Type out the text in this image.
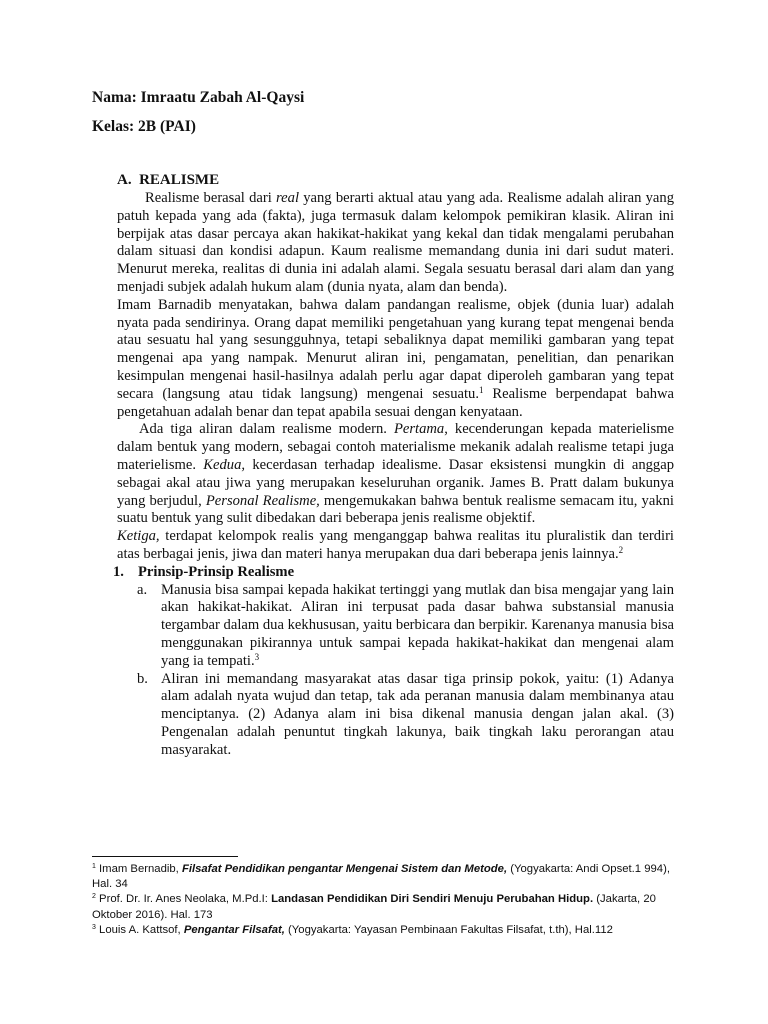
Nama: Imraatu Zabah Al-Qaysi
Kelas: 2B (PAI)
A.  REALISME

Realisme berasal dari real yang berarti aktual atau yang ada. Realisme adalah aliran yang patuh kepada yang ada (fakta), juga termasuk dalam kelompok pemikiran klasik. Aliran ini berpijak atas dasar percaya akan hakikat-hakikat yang kekal dan tidak mengalami perubahan dalam situasi dan kondisi adapun. Kaum realisme memandang dunia ini dari sudut materi. Menurut mereka, realitas di dunia ini adalah alami. Segala sesuatu berasal dari alam dan yang menjadi subjek adalah hukum alam (dunia nyata, alam dan benda).

Imam Barnadib menyatakan, bahwa dalam pandangan realisme, objek (dunia luar) adalah nyata pada sendirinya. Orang dapat memiliki pengetahuan yang kurang tepat mengenai benda atau sesuatu hal yang sesungguhnya, tetapi sebaliknya dapat memiliki gambaran yang tepat mengenai apa yang nampak. Menurut aliran ini, pengamatan, penelitian, dan penarikan kesimpulan mengenai hasil-hasilnya adalah perlu agar dapat diperoleh gambaran yang tepat secara (langsung atau tidak langsung) mengenai sesuatu.$^1$ Realisme berpendapat bahwa pengetahuan adalah benar dan tepat apabila sesuai dengan kenyataan.

Ada tiga aliran dalam realisme modern. Pertama, kecenderungan kepada materielisme dalam bentuk yang modern, sebagai contoh materialisme mekanik adalah realisme tetapi juga materielisme. Kedua, kecerdasan terhadap idealisme. Dasar eksistensi mungkin di anggap sebagai akal atau jiwa yang merupakan keseluruhan organik. James B. Pratt dalam bukunya yang berjudul, Personal Realisme, mengemukakan bahwa bentuk realisme semacam itu, yakni suatu bentuk yang sulit dibedakan dari beberapa jenis realisme objektif.

Ketiga, terdapat kelompok realis yang menganggap bahwa realitas itu pluralistik dan terdiri atas berbagai jenis, jiwa dan materi hanya merupakan dua dari beberapa jenis lainnya.$^2$

1. Prinsip-Prinsip Realisme
a. Manusia bisa sampai kepada hakikat tertinggi yang mutlak dan bisa mengajar yang lain akan hakikat-hakikat. Aliran ini terpusat pada dasar bahwa substansial manusia tergambar dalam dua kekhususan, yaitu berbicara dan berpikir. Karenanya manusia bisa menggunakan pikirannya untuk sampai kepada hakikat-hakikat dan mengenai alam yang ia tempati.$^3$
b. Aliran ini memandang masyarakat atas dasar tiga prinsip pokok, yaitu: (1) Adanya alam adalah nyata wujud dan tetap, tak ada peranan manusia dalam membinanya atau menciptanya. (2) Adanya alam ini bisa dikenal manusia dengan jalan akal. (3) Pengenalan adalah penuntut tingkah lakunya, baik tingkah laku perorangan atau masyarakat.

$^1$ Imam Bernadib, Filsafat Pendidikan pengantar Mengenai Sistem dan Metode, (Yogyakarta: Andi Opset.1 994), Hal. 34

$^2$ Prof. Dr. Ir. Anes Neolaka, M.Pd.I: Landasan Pendidikan Diri Sendiri Menuju Perubahan Hidup. (Jakarta, 20 Oktober 2016). Hal. 173

$^3$ Louis A. Kattsof, Pengantar Filsafat, (Yogyakarta: Yayasan Pembinaan Fakultas Filsafat, t.th), Hal.112
